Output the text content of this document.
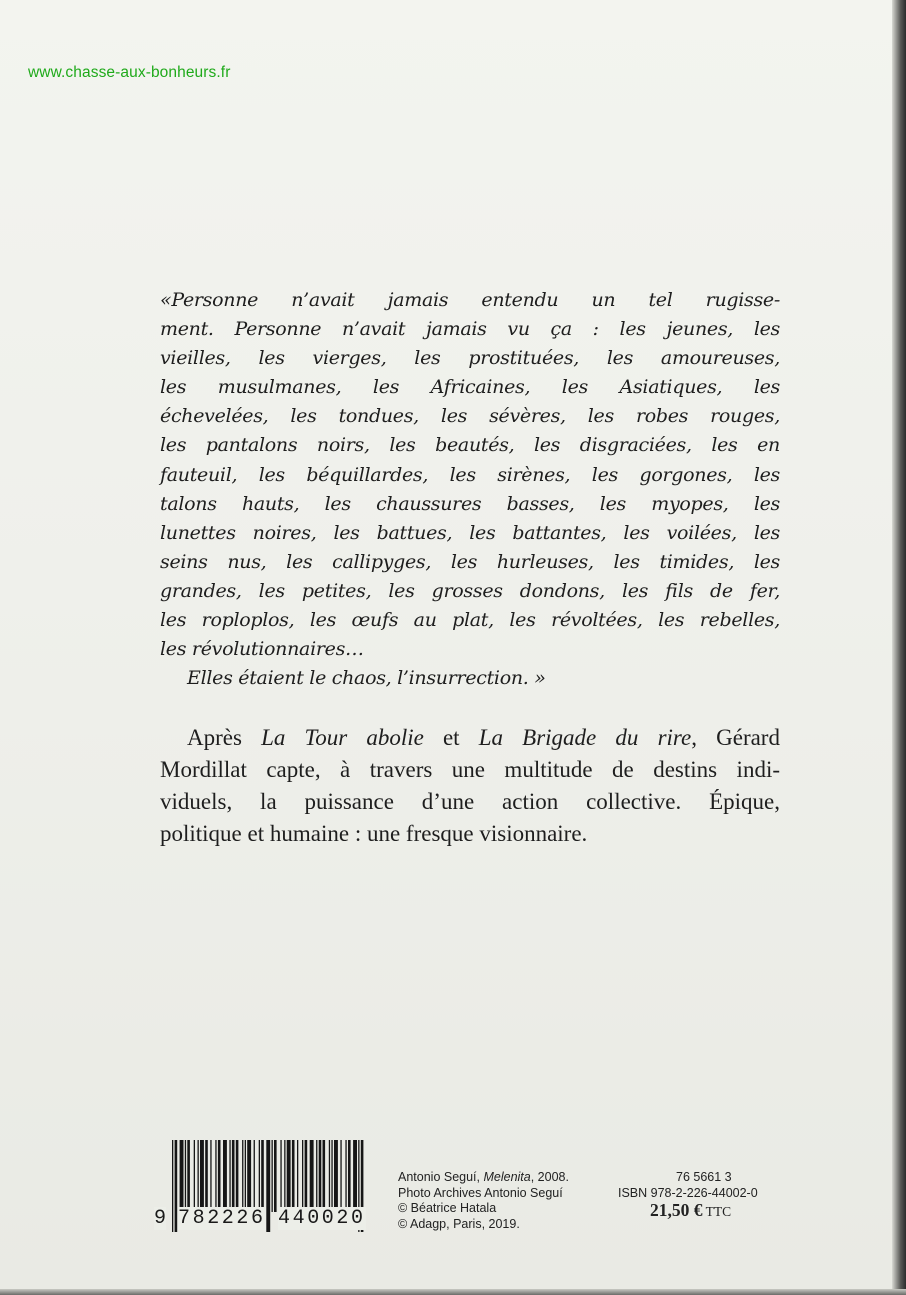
www.chasse-aux-bonheurs.fr
«Personne n’avait jamais entendu un tel rugisse-
ment. Personne n’avait jamais vu ça : les jeunes, les
vieilles, les vierges, les prostituées, les amoureuses,
les musulmanes, les Africaines, les Asiatiques, les
échevelées, les tondues, les sévères, les robes rouges,
les pantalons noirs, les beautés, les disgraciées, les en
fauteuil, les béquillardes, les sirènes, les gorgones, les
talons hauts, les chaussures basses, les myopes, les
lunettes noires, les battues, les battantes, les voilées, les
seins nus, les callipyges, les hurleuses, les timides, les
grandes, les petites, les grosses dondons, les fils de fer,
les roploplos, les œufs au plat, les révoltées, les rebelles,
les révolutionnaires…
Elles étaient le chaos, l’insurrection. »
Après La Tour abolie et La Brigade du rire, Gérard
Mordillat capte, à travers une multitude de destins indi-
viduels, la puissance d’une action collective. Épique,
politique et humaine : une fresque visionnaire.
9 782226 440020
Antonio Seguí, Melenita, 2008.
Photo Archives Antonio Seguí
© Béatrice Hatala
© Adagp, Paris, 2019.
76 5661 3
ISBN 978-2-226-44002-0
21,50 € TTC
